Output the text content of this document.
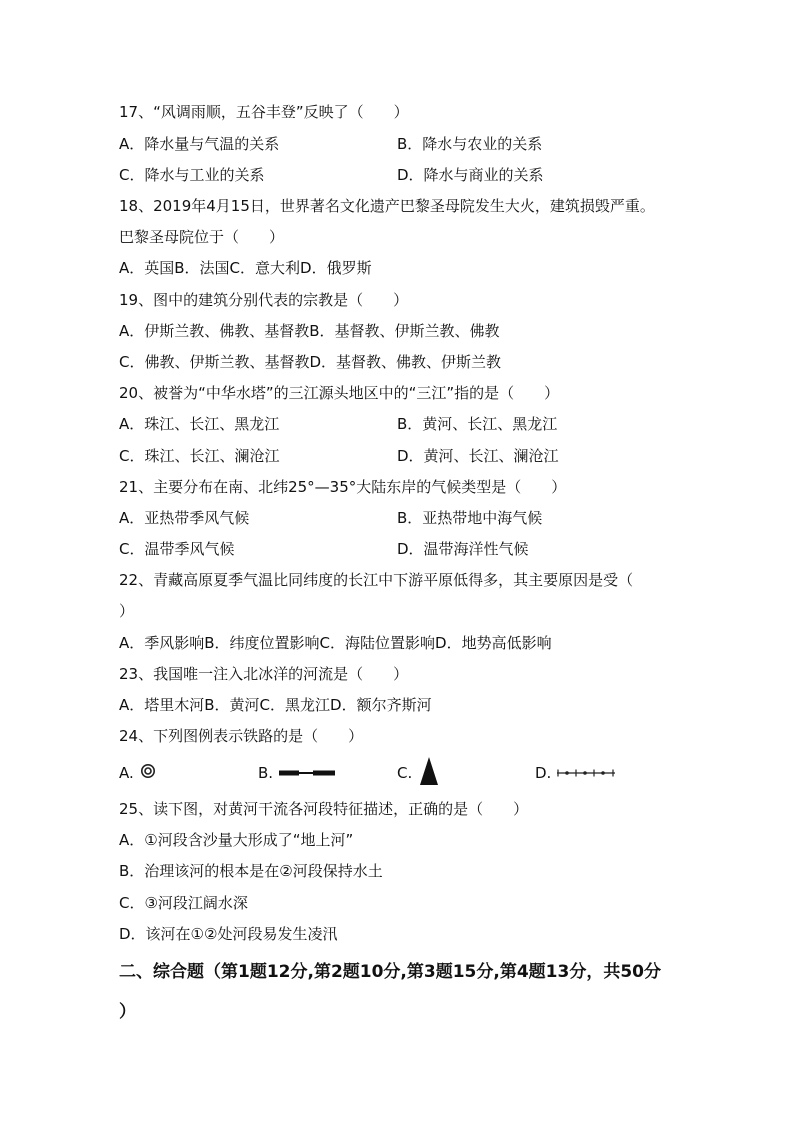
17、“风调雨顺，五谷丰登”反映了（　　）
A．降水量与气温的关系	B．降水与农业的关系
C．降水与工业的关系	D．降水与商业的关系
18、2019年4月15日，世界著名文化遗产巴黎圣母院发生大火，建筑损毁严重。
巴黎圣母院位于（　　）
A．英国B．法国C．意大利D．俄罗斯
19、图中的建筑分别代表的宗教是（　　）
A．伊斯兰教、佛教、基督教B．基督教、伊斯兰教、佛教
C．佛教、伊斯兰教、基督教D．基督教、佛教、伊斯兰教
20、被誉为“中华水塔”的三江源头地区中的“三江”指的是（　　）
A．珠江、长江、黑龙江	B．黄河、长江、黑龙江
C．珠江、长江、澜沧江	D．黄河、长江、澜沧江
21、主要分布在南、北纬25°—35°大陆东岸的气候类型是（　　）
A．亚热带季风气候	B．亚热带地中海气候
C．温带季风气候	D．温带海洋性气候
22、青藏高原夏季气温比同纬度的长江中下游平原低得多，其主要原因是受（
）
A．季风影响B．纬度位置影响C．海陆位置影响D．地势高低影响
23、我国唯一注入北冰洋的河流是（　　）
A．塔里木河B．黄河C．黑龙江D．额尔齐斯河
24、下列图例表示铁路的是（　　）
A.	B.	C.	D.
25、读下图，对黄河干流各河段特征描述，正确的是（　　）
A．①河段含沙量大形成了“地上河”
B．治理该河的根本是在②河段保持水土
C．③河段江阔水深
D．该河在①②处河段易发生凌汛
二、综合题（第1题12分,第2题10分,第3题15分,第4题13分，共50分
）
